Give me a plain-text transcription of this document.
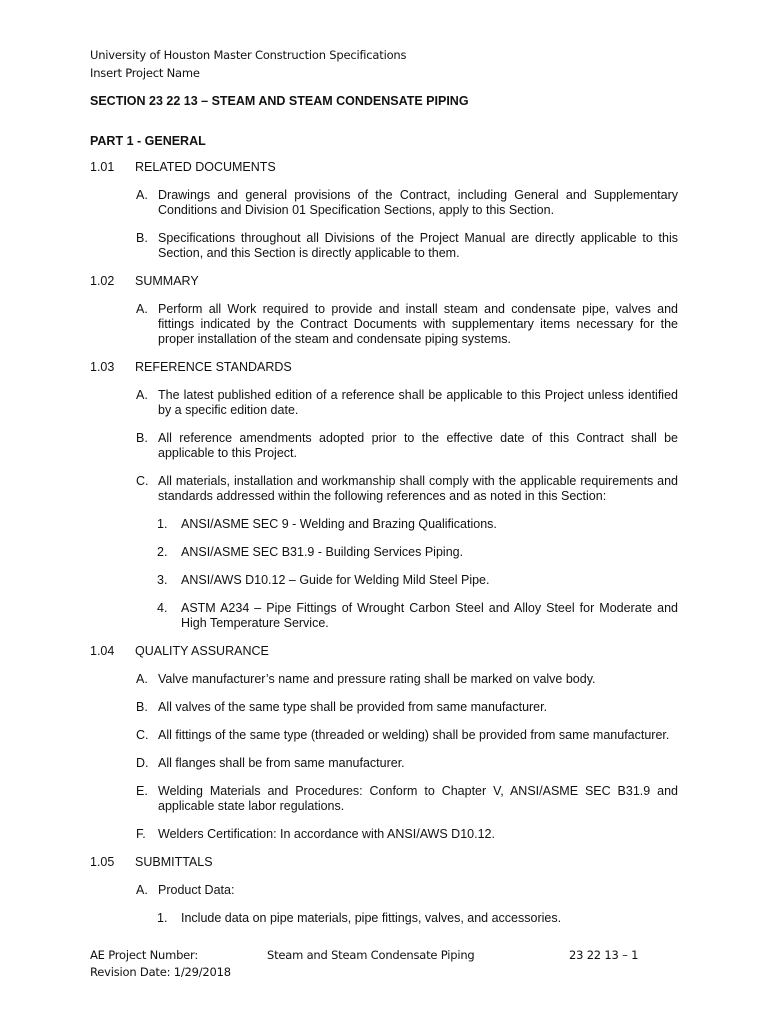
University of Houston Master Construction Specifications
Insert Project Name
SECTION 23 22 13 – STEAM AND STEAM CONDENSATE PIPING
PART 1 - GENERAL
1.01 RELATED DOCUMENTS
A. Drawings and general provisions of the Contract, including General and Supplementary Conditions and Division 01 Specification Sections, apply to this Section.
B. Specifications throughout all Divisions of the Project Manual are directly applicable to this Section, and this Section is directly applicable to them.
1.02 SUMMARY
A. Perform all Work required to provide and install steam and condensate pipe, valves and fittings indicated by the Contract Documents with supplementary items necessary for the proper installation of the steam and condensate piping systems.
1.03 REFERENCE STANDARDS
A. The latest published edition of a reference shall be applicable to this Project unless identified by a specific edition date.
B. All reference amendments adopted prior to the effective date of this Contract shall be applicable to this Project.
C. All materials, installation and workmanship shall comply with the applicable requirements and standards addressed within the following references and as noted in this Section:
1. ANSI/ASME SEC 9 - Welding and Brazing Qualifications.
2. ANSI/ASME SEC B31.9 - Building Services Piping.
3. ANSI/AWS D10.12 – Guide for Welding Mild Steel Pipe.
4. ASTM A234 – Pipe Fittings of Wrought Carbon Steel and Alloy Steel for Moderate and High Temperature Service.
1.04 QUALITY ASSURANCE
A. Valve manufacturer’s name and pressure rating shall be marked on valve body.
B. All valves of the same type shall be provided from same manufacturer.
C. All fittings of the same type (threaded or welding) shall be provided from same manufacturer.
D. All flanges shall be from same manufacturer.
E. Welding Materials and Procedures: Conform to Chapter V, ANSI/ASME SEC B31.9 and applicable state labor regulations.
F. Welders Certification: In accordance with ANSI/AWS D10.12.
1.05 SUBMITTALS
A. Product Data:
1. Include data on pipe materials, pipe fittings, valves, and accessories.
AE Project Number:
Revision Date: 1/29/2018
Steam and Steam Condensate Piping	23 22 13 – 1
